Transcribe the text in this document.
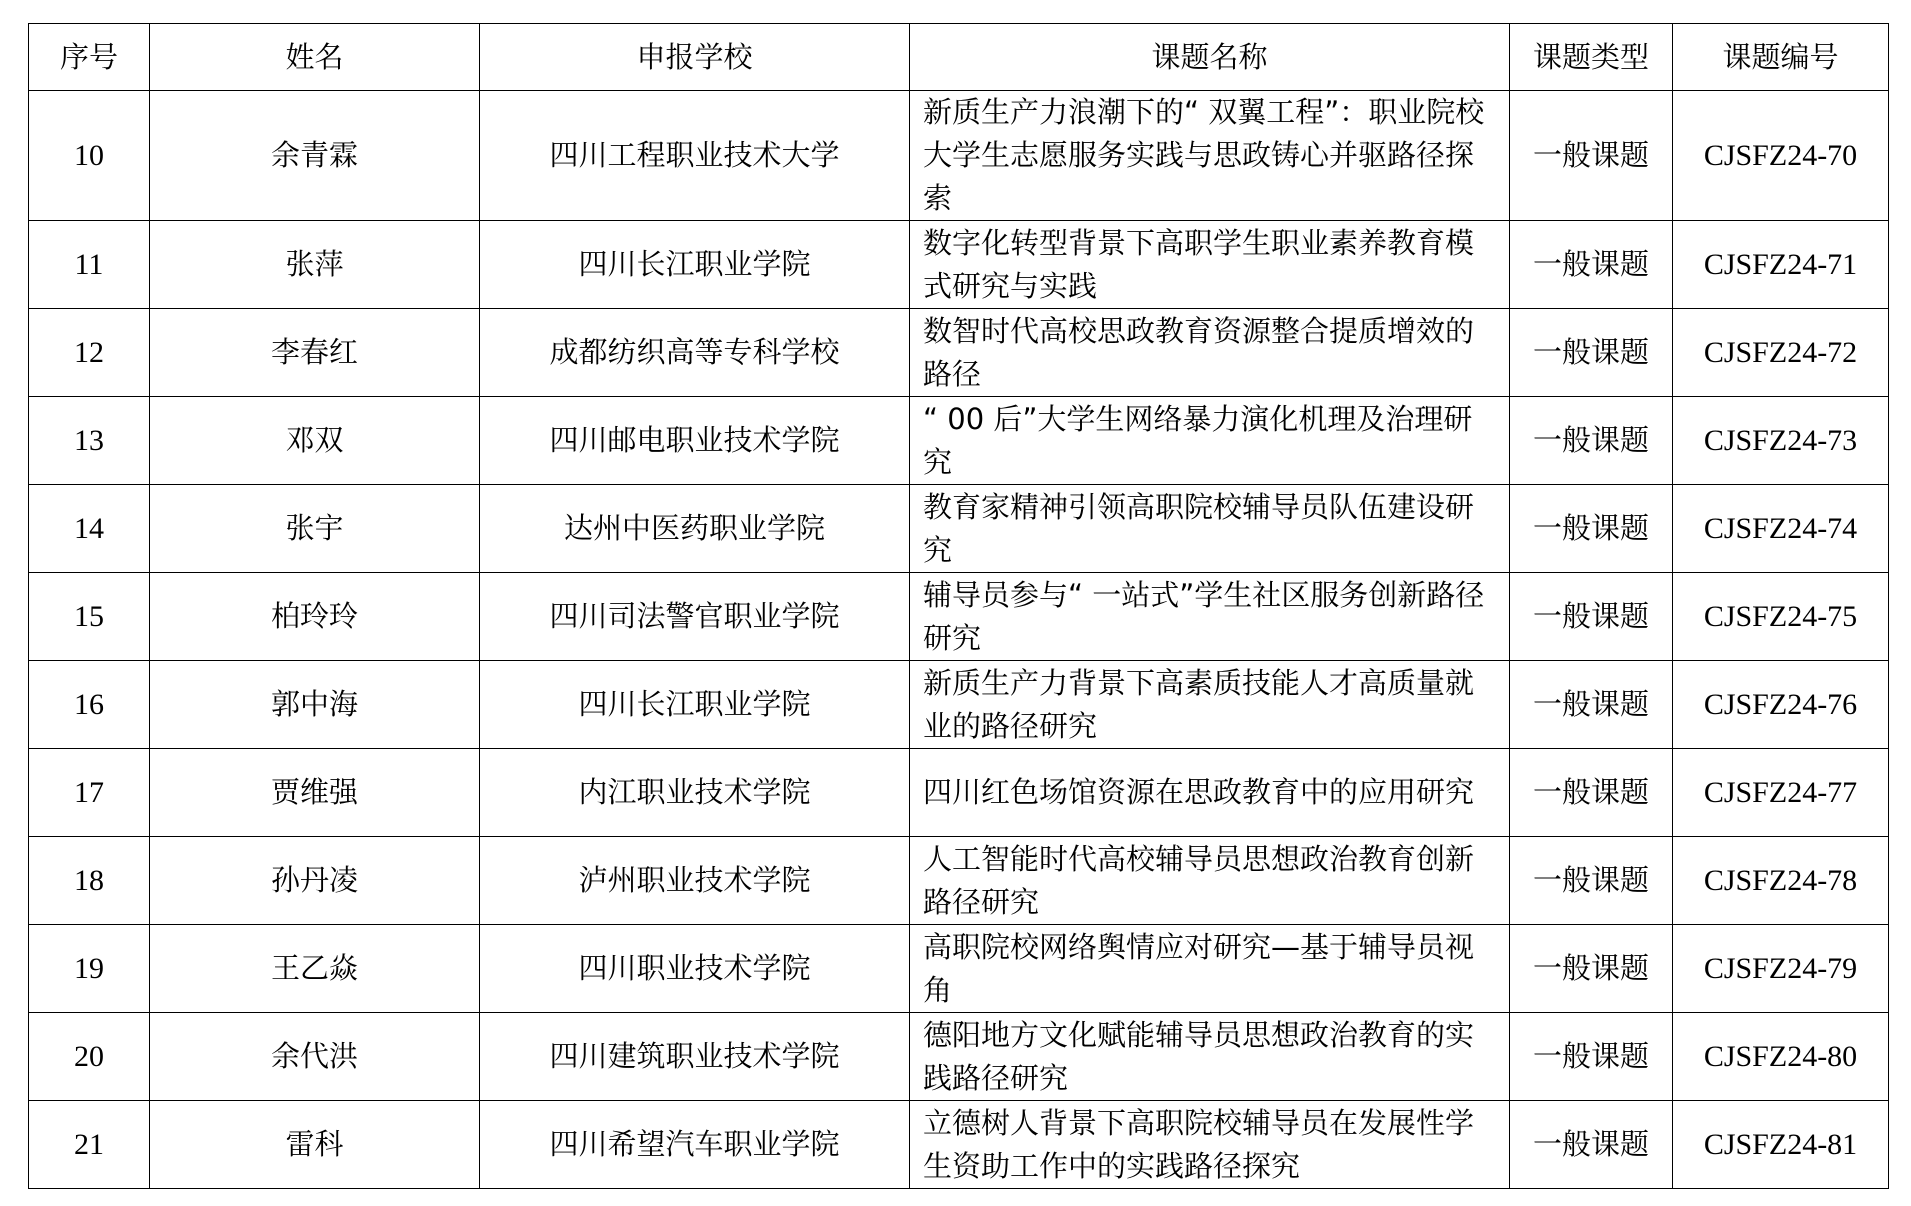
序号	姓名	申报学校	课题名称	课题类型	课题编号
10	余青霖	四川工程职业技术大学	新质生产力浪潮下的“ 双翼工程”：职业院校大学生志愿服务实践与思政铸心并驱路径探索	一般课题	CJSFZ24-70
11	张萍	四川长江职业学院	数字化转型背景下高职学生职业素养教育模式研究与实践	一般课题	CJSFZ24-71
12	李春红	成都纺织高等专科学校	数智时代高校思政教育资源整合提质增效的路径	一般课题	CJSFZ24-72
13	邓双	四川邮电职业技术学院	“ 00 后”大学生网络暴力演化机理及治理研究	一般课题	CJSFZ24-73
14	张宇	达州中医药职业学院	教育家精神引领高职院校辅导员队伍建设研究	一般课题	CJSFZ24-74
15	柏玲玲	四川司法警官职业学院	辅导员参与“ 一站式”学生社区服务创新路径研究	一般课题	CJSFZ24-75
16	郭中海	四川长江职业学院	新质生产力背景下高素质技能人才高质量就业的路径研究	一般课题	CJSFZ24-76
17	贾维强	内江职业技术学院	四川红色场馆资源在思政教育中的应用研究	一般课题	CJSFZ24-77
18	孙丹凌	泸州职业技术学院	人工智能时代高校辅导员思想政治教育创新路径研究	一般课题	CJSFZ24-78
19	王乙焱	四川职业技术学院	高职院校网络舆情应对研究—基于辅导员视角	一般课题	CJSFZ24-79
20	余代洪	四川建筑职业技术学院	德阳地方文化赋能辅导员思想政治教育的实践路径研究	一般课题	CJSFZ24-80
21	雷科	四川希望汽车职业学院	立德树人背景下高职院校辅导员在发展性学生资助工作中的实践路径探究	一般课题	CJSFZ24-81
